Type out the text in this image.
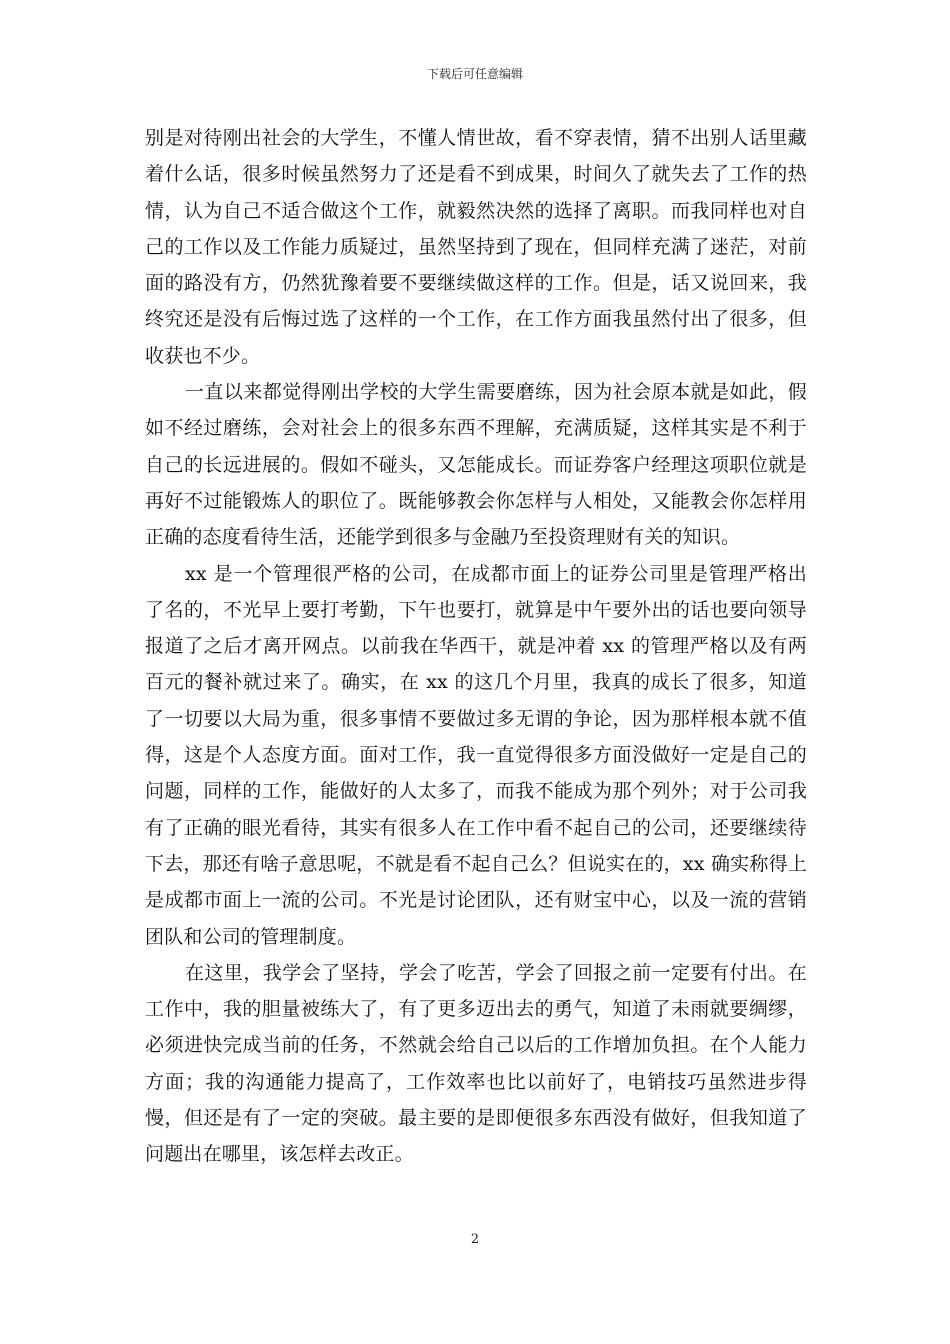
下载后可任意编辑

别是对待刚出社会的大学生，不懂人情世故，看不穿表情，猜不出别人话里藏着什么话，很多时候虽然努力了还是看不到成果，时间久了就失去了工作的热情，认为自己不适合做这个工作，就毅然决然的选择了离职。而我同样也对自己的工作以及工作能力质疑过，虽然坚持到了现在，但同样充满了迷茫，对前面的路没有方，仍然犹豫着要不要继续做这样的工作。但是，话又说回来，我终究还是没有后悔过选了这样的一个工作，在工作方面我虽然付出了很多，但收获也不少。

一直以来都觉得刚出学校的大学生需要磨练，因为社会原本就是如此，假如不经过磨练，会对社会上的很多东西不理解，充满质疑，这样其实是不利于自己的长远进展的。假如不碰头，又怎能成长。而证券客户经理这项职位就是再好不过能锻炼人的职位了。既能够教会你怎样与人相处，又能教会你怎样用正确的态度看待生活，还能学到很多与金融乃至投资理财有关的知识。

xx 是一个管理很严格的公司，在成都市面上的证券公司里是管理严格出了名的，不光早上要打考勤，下午也要打，就算是中午要外出的话也要向领导报道了之后才离开网点。以前我在华西干，就是冲着 xx 的管理严格以及有两百元的餐补就过来了。确实，在 xx 的这几个月里，我真的成长了很多，知道了一切要以大局为重，很多事情不要做过多无谓的争论，因为那样根本就不值得，这是个人态度方面。面对工作，我一直觉得很多方面没做好一定是自己的问题，同样的工作，能做好的人太多了，而我不能成为那个列外；对于公司我有了正确的眼光看待，其实有很多人在工作中看不起自己的公司，还要继续待下去，那还有啥子意思呢，不就是看不起自己么？但说实在的，xx 确实称得上是成都市面上一流的公司。不光是讨论团队，还有财宝中心，以及一流的营销团队和公司的管理制度。

在这里，我学会了坚持，学会了吃苦，学会了回报之前一定要有付出。在工作中，我的胆量被练大了，有了更多迈出去的勇气，知道了未雨就要绸缪，必须进快完成当前的任务，不然就会给自己以后的工作增加负担。在个人能力方面；我的沟通能力提高了，工作效率也比以前好了，电销技巧虽然进步得慢，但还是有了一定的突破。最主要的是即便很多东西没有做好，但我知道了问题出在哪里，该怎样去改正。

2
